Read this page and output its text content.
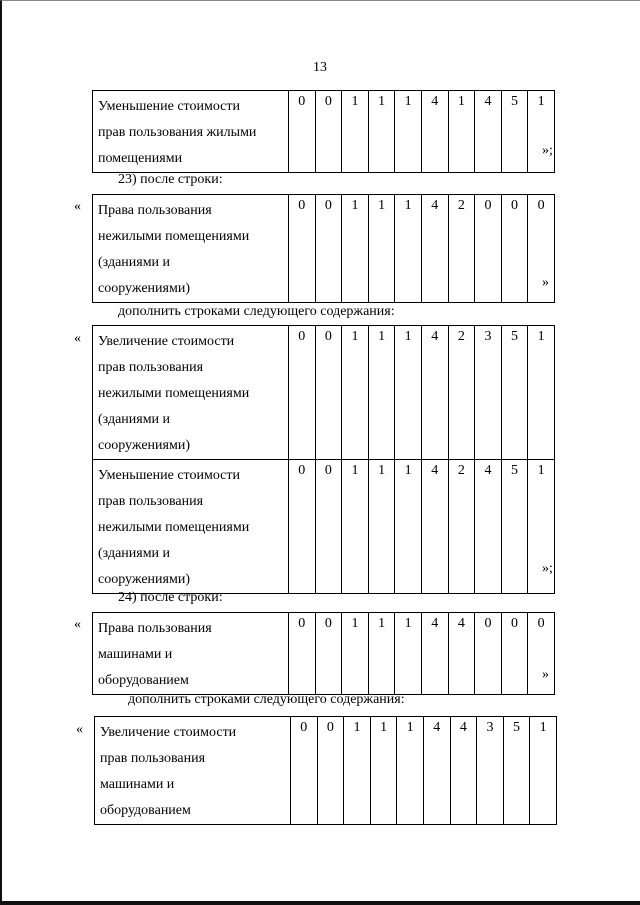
13
Уменьшение стоимости
прав пользования жилыми
помещениями
	0	0	1	1	1	4	1	4	5	1
»;
23) после строки:
« Права пользования
нежилыми помещениями
(зданиями и
сооружениями)
	0	0	1	1	1	4	2	0	0	0
»
дополнить строками следующего содержания:
« Увеличение стоимости
прав пользования
нежилыми помещениями
(зданиями и
сооружениями)	0	0	1	1	1	4	2	3	5	1

Уменьшение стоимости
прав пользования
нежилыми помещениями
(зданиями и
сооружениями)	0	0	1	1	1	4	2	4	5	1
»;
24) после строки:
« Права пользования
машинами и
оборудованием
	0	0	1	1	1	4	4	0	0	0
»
дополнить строками следующего содержания:
« Увеличение стоимости
прав пользования
машинами и
оборудованием
	0	0	1	1	1	4	4	3	5	1
